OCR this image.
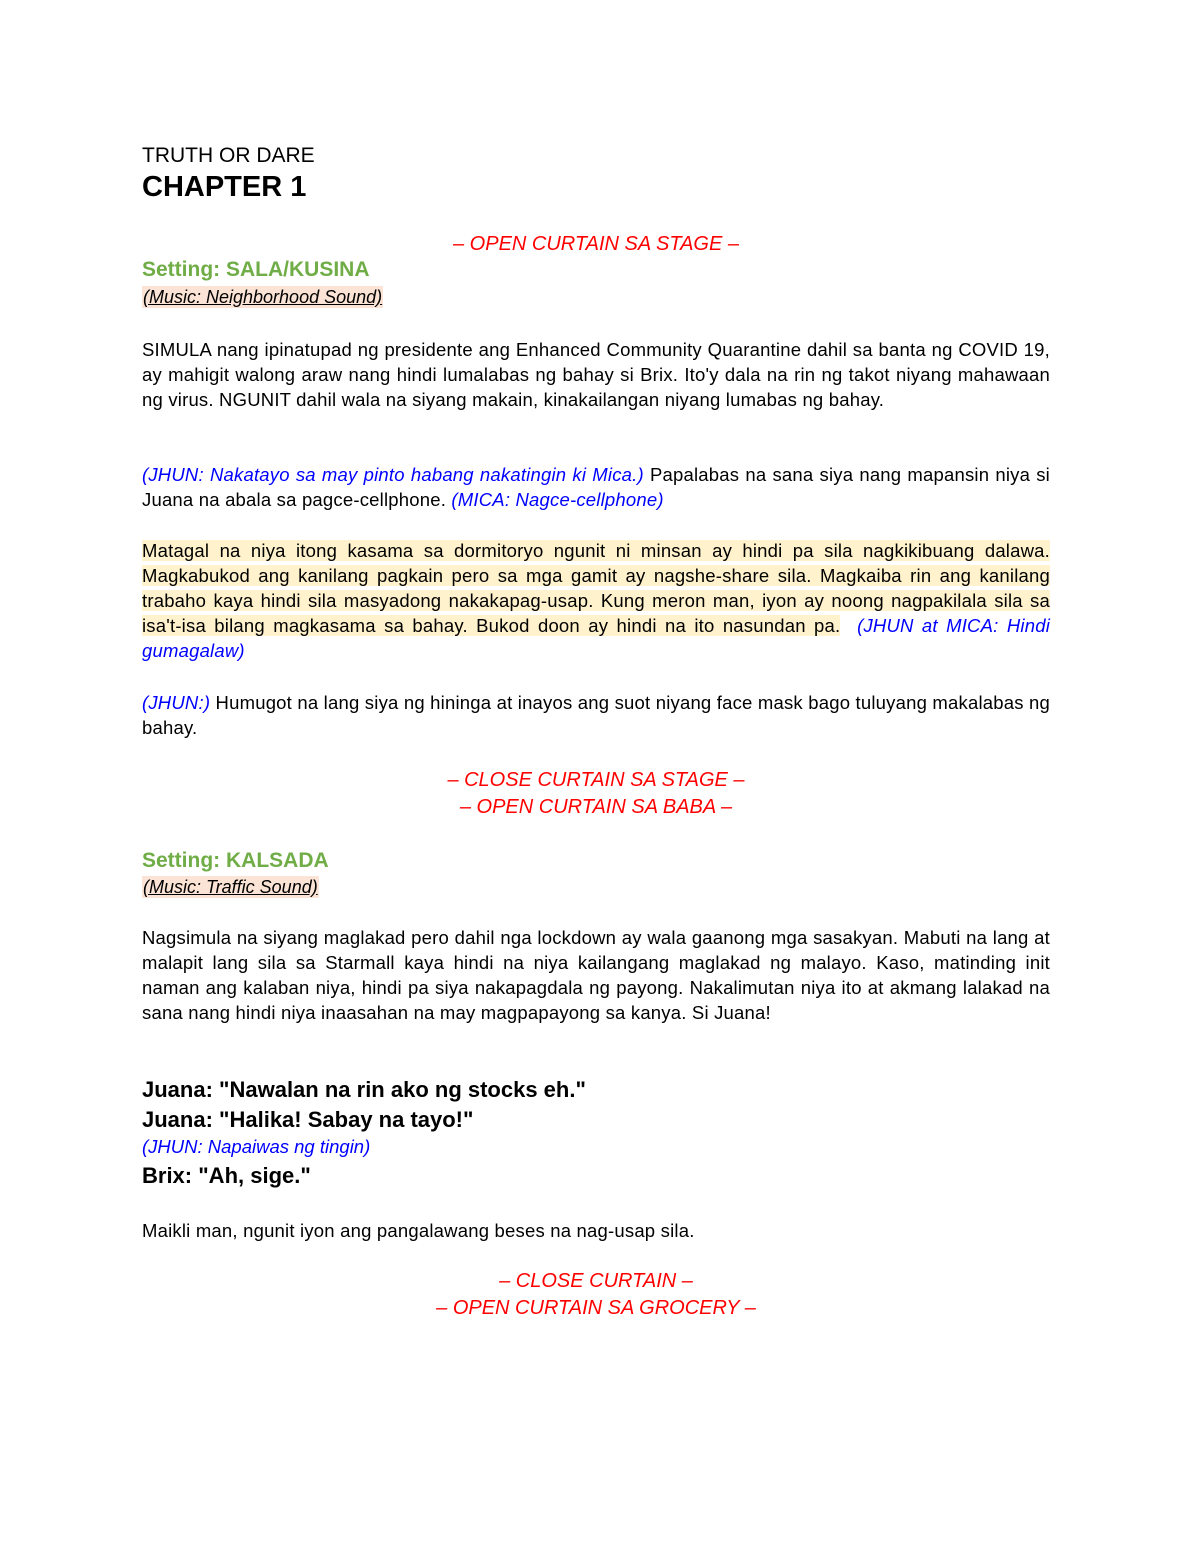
TRUTH OR DARE
CHAPTER 1
– OPEN CURTAIN SA STAGE –
Setting: SALA/KUSINA
(Music: Neighborhood Sound)
SIMULA nang ipinatupad ng presidente ang Enhanced Community Quarantine dahil sa banta ng COVID 19, ay mahigit walong araw nang hindi lumalabas ng bahay si Brix. Ito'y dala na rin ng takot niyang mahawaan ng virus. NGUNIT dahil wala na siyang makain, kinakailangan niyang lumabas ng bahay.
(JHUN: Nakatayo sa may pinto habang nakatingin ki Mica.) Papalabas na sana siya nang mapansin niya si Juana na abala sa pagce-cellphone. (MICA: Nagce-cellphone)
Matagal na niya itong kasama sa dormitoryo ngunit ni minsan ay hindi pa sila nagkikibuang dalawa. Magkabukod ang kanilang pagkain pero sa mga gamit ay nagshe-share sila. Magkaiba rin ang kanilang trabaho kaya hindi sila masyadong nakakapag-usap. Kung meron man, iyon ay noong nagpakilala sila sa isa't-isa bilang magkasama sa bahay. Bukod doon ay hindi na ito nasundan pa. (JHUN at MICA: Hindi gumagalaw)
(JHUN:) Humugot na lang siya ng hininga at inayos ang suot niyang face mask bago tuluyang makalabas ng bahay.
– CLOSE CURTAIN SA STAGE –
– OPEN CURTAIN SA BABA –
Setting: KALSADA
(Music: Traffic Sound)
Nagsimula na siyang maglakad pero dahil nga lockdown ay wala gaanong mga sasakyan. Mabuti na lang at malapit lang sila sa Starmall kaya hindi na niya kailangang maglakad ng malayo. Kaso, matinding init naman ang kalaban niya, hindi pa siya nakapagdala ng payong. Nakalimutan niya ito at akmang lalakad na sana nang hindi niya inaasahan na may magpapayong sa kanya. Si Juana!
Juana: "Nawalan na rin ako ng stocks eh."
Juana: "Halika! Sabay na tayo!"
(JHUN: Napaiwas ng tingin)
Brix: "Ah, sige."
Maikli man, ngunit iyon ang pangalawang beses na nag-usap sila.
– CLOSE CURTAIN –
– OPEN CURTAIN SA GROCERY –
